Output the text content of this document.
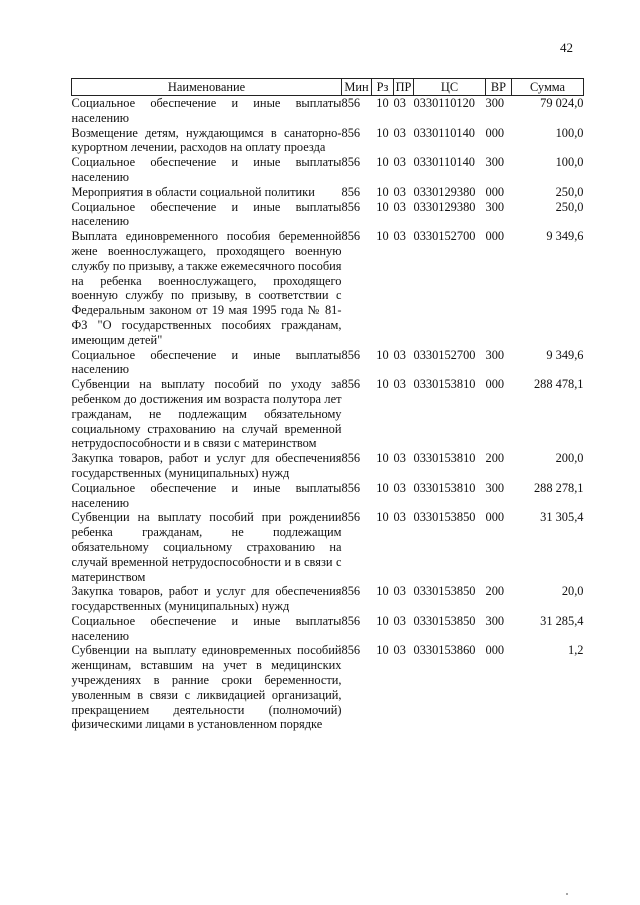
42
Наименование	Мин	Рз	ПР	ЦС	ВР	Сумма
Социальное обеспечение и иные выплаты населению	856	10	03	0330110120	300	79 024,0
Возмещение детям, нуждающимся в санаторно-курортном лечении, расходов на оплату проезда	856	10	03	0330110140	000	100,0
Социальное обеспечение и иные выплаты населению	856	10	03	0330110140	300	100,0
Мероприятия в области социальной политики	856	10	03	0330129380	000	250,0
Социальное обеспечение и иные выплаты населению	856	10	03	0330129380	300	250,0
Выплата единовременного пособия беременной жене военнослужащего, проходящего военную службу по призыву, а также ежемесячного пособия на ребенка военнослужащего, проходящего военную службу по призыву, в соответствии с Федеральным законом от 19 мая 1995 года № 81-ФЗ "О государственных пособиях гражданам, имеющим детей"	856	10	03	0330152700	000	9 349,6
Социальное обеспечение и иные выплаты населению	856	10	03	0330152700	300	9 349,6
Субвенции на выплату пособий по уходу за ребенком до достижения им возраста полутора лет гражданам, не подлежащим обязательному социальному страхованию на случай временной нетрудоспособности и в связи с материнством	856	10	03	0330153810	000	288 478,1
Закупка товаров, работ и услуг для обеспечения государственных (муниципальных) нужд	856	10	03	0330153810	200	200,0
Социальное обеспечение и иные выплаты населению	856	10	03	0330153810	300	288 278,1
Субвенции на выплату пособий при рождении ребенка гражданам, не подлежащим обязательному социальному страхованию на случай временной нетрудоспособности и в связи с материнством	856	10	03	0330153850	000	31 305,4
Закупка товаров, работ и услуг для обеспечения государственных (муниципальных) нужд	856	10	03	0330153850	200	20,0
Социальное обеспечение и иные выплаты населению	856	10	03	0330153850	300	31 285,4
Субвенции на выплату единовременных пособий женщинам, вставшим на учет в медицинских учреждениях в ранние сроки беременности, уволенным в связи с ликвидацией организаций, прекращением деятельности (полномочий) физическими лицами в установленном порядке	856	10	03	0330153860	000	1,2
